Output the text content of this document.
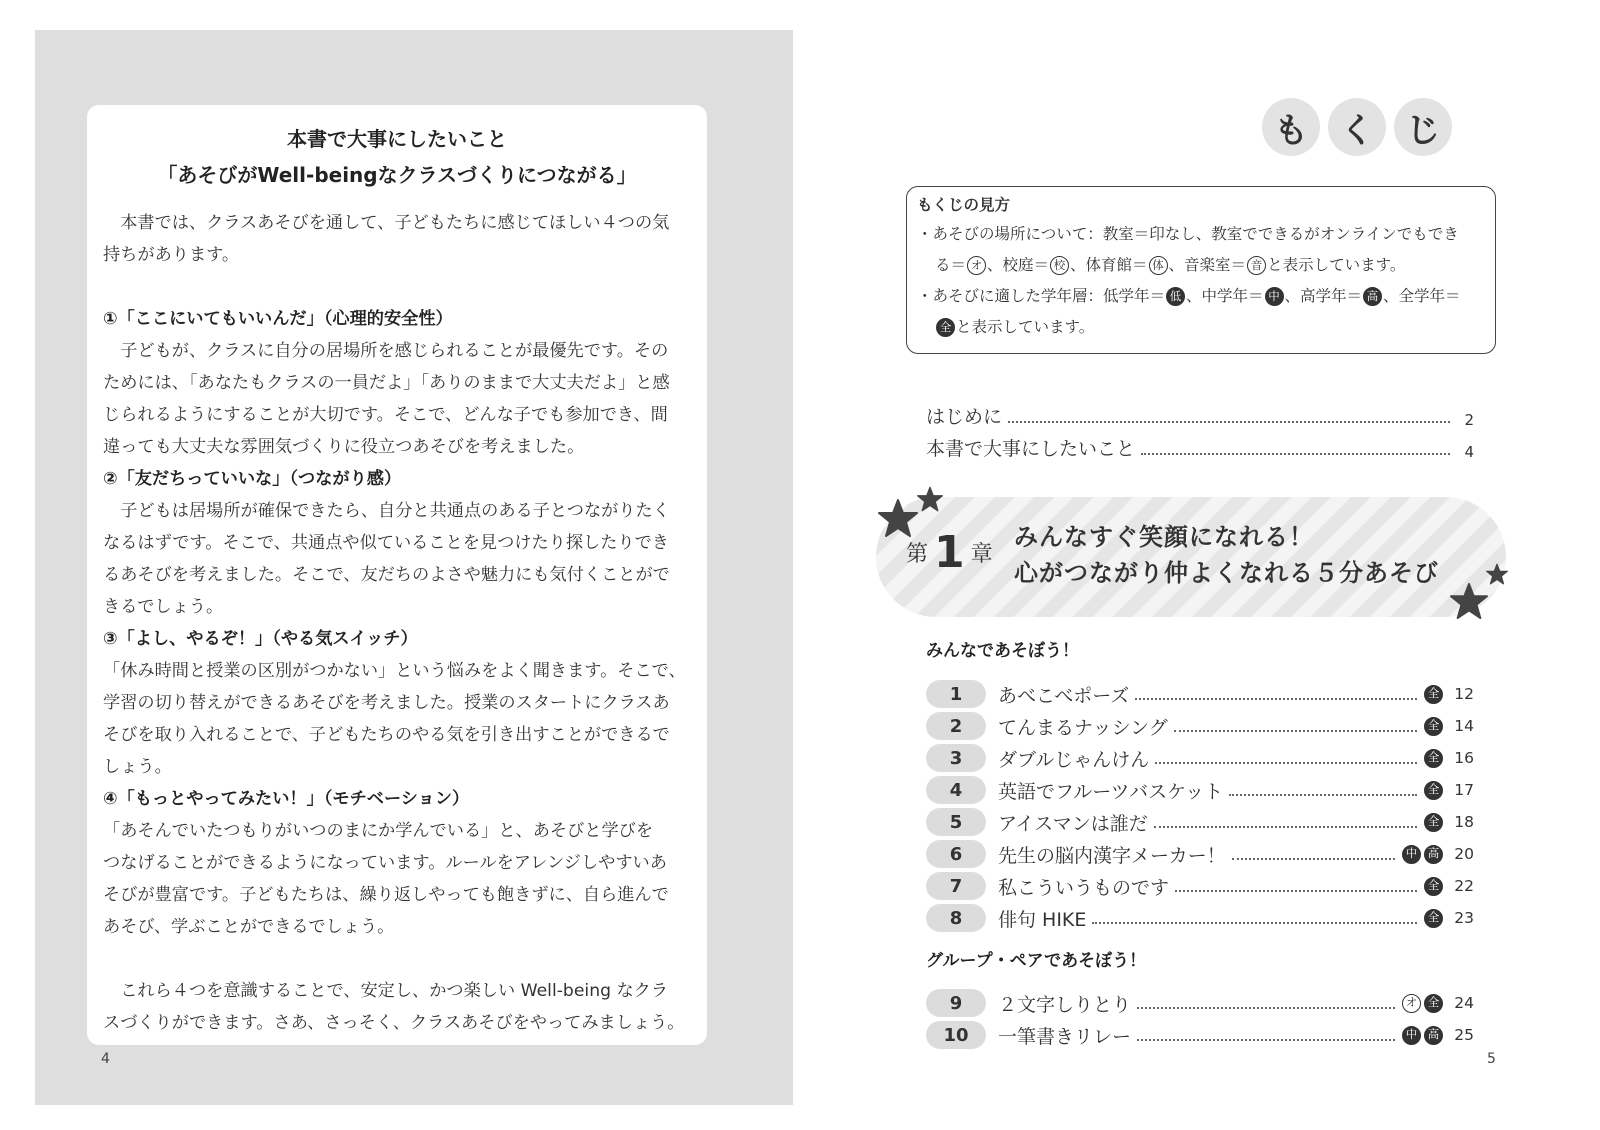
本書で大事にしたいこと
「あそびがWell-beingなクラスづくりにつながる」
本書では、クラスあそびを通して、子どもたちに感じてほしい４つの気
持ちがあります。
①「ここにいてもいいんだ」（心理的安全性）
子どもが、クラスに自分の居場所を感じられることが最優先です。その
ためには、「あなたもクラスの一員だよ」「ありのままで大丈夫だよ」と感
じられるようにすることが大切です。そこで、どんな子でも参加でき、間
違っても大丈夫な雰囲気づくりに役立つあそびを考えました。
②「友だちっていいな」（つながり感）
子どもは居場所が確保できたら、自分と共通点のある子とつながりたく
なるはずです。そこで、共通点や似ていることを見つけたり探したりでき
るあそびを考えました。そこで、友だちのよさや魅力にも気付くことがで
きるでしょう。
③「よし、やるぞ！」（やる気スイッチ）
「休み時間と授業の区別がつかない」という悩みをよく聞きます。そこで、
学習の切り替えができるあそびを考えました。授業のスタートにクラスあ
そびを取り入れることで、子どもたちのやる気を引き出すことができるで
しょう。
④「もっとやってみたい！」（モチベーション）
「あそんでいたつもりがいつのまにか学んでいる」と、あそびと学びを
つなげることができるようになっています。ルールをアレンジしやすいあ
そびが豊富です。子どもたちは、繰り返しやっても飽きずに、自ら進んで
あそび、学ぶことができるでしょう。
これら４つを意識することで、安定し、かつ楽しい Well-being なクラ
スづくりができます。さあ、さっそく、クラスあそびをやってみましょう。
4
も く じ
もくじの見方
・あそびの場所について：教室＝印なし、教室でできるがオンラインでもでき
る＝ オ 、校庭＝ 校 、体育館＝ 体 、音楽室＝ 音 と表示しています。
・あそびに適した学年層：低学年＝ 低 、中学年＝ 中 、高学年＝ 高 、全学年＝
全 と表示しています。
はじめに	2
本書で大事にしたいこと	4
第 1 章
みんなすぐ笑顔になれる！
心がつながり仲よくなれる５分あそび
みんなであそぼう！
1	あべこべポーズ	全 12
2	てんまるナッシング	全 14
3	ダブルじゃんけん	全 16
4	英語でフルーツバスケット	全 17
5	アイスマンは誰だ	全 18
6	先生の脳内漢字メーカー！	中 高 20
7	私こういうものです	全 22
8	俳句 HIKE	全 23
グループ・ペアであそぼう！
9	２文字しりとり	オ 全 24
10	一筆書きリレー	中 高 25
5
